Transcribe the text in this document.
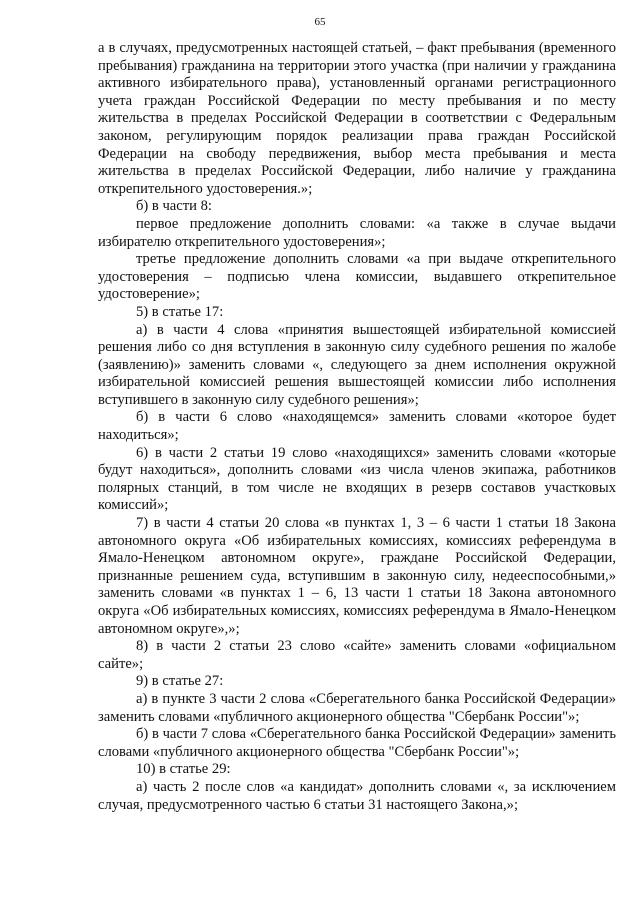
65

а в случаях, предусмотренных настоящей статьей, – факт пребывания (временного пребывания) гражданина на территории этого участка (при наличии у гражданина активного избирательного права), установленный органами регистрационного учета граждан Российской Федерации по месту пребывания и по месту жительства в пределах Российской Федерации в соответствии с Федеральным законом, регулирующим порядок реализации права граждан Российской Федерации на свободу передвижения, выбор места пребывания и места жительства в пределах Российской Федерации, либо наличие у гражданина открепительного удостоверения.»;

б) в части 8:

первое предложение дополнить словами: «а также в случае выдачи избирателю открепительного удостоверения»;

третье предложение дополнить словами «а при выдаче открепительного удостоверения – подписью члена комиссии, выдавшего открепительное удостоверение»;

5) в статье 17:

а) в части 4 слова «принятия вышестоящей избирательной комиссией решения либо со дня вступления в законную силу судебного решения по жалобе (заявлению)» заменить словами «, следующего за днем исполнения окружной избирательной комиссией решения вышестоящей комиссии либо исполнения вступившего в законную силу судебного решения»;

б) в части 6 слово «находящемся» заменить словами «которое будет находиться»;

6) в части 2 статьи 19 слово «находящихся» заменить словами «которые будут находиться», дополнить словами «из числа членов экипажа, работников полярных станций, в том числе не входящих в резерв составов участковых комиссий»;

7) в части 4 статьи 20 слова «в пунктах 1, 3 – 6 части 1 статьи 18 Закона автономного округа «Об избирательных комиссиях, комиссиях референдума в Ямало-Ненецком автономном округе», граждане Российской Федерации, признанные решением суда, вступившим в законную силу, недееспособными,» заменить словами «в пунктах 1 – 6, 13 части 1 статьи 18 Закона автономного округа «Об избирательных комиссиях, комиссиях референдума в Ямало-Ненецком автономном округе»,»;

8) в части 2 статьи 23 слово «сайте» заменить словами «официальном сайте»;

9) в статье 27:

а) в пункте 3 части 2 слова «Сберегательного банка Российской Федерации» заменить словами «публичного акционерного общества "Сбербанк России"»;

б) в части 7 слова «Сберегательного банка Российской Федерации» заменить словами «публичного акционерного общества "Сбербанк России"»;

10) в статье 29:

а) часть 2 после слов «а кандидат» дополнить словами «, за исключением случая, предусмотренного частью 6 статьи 31 настоящего Закона,»;
